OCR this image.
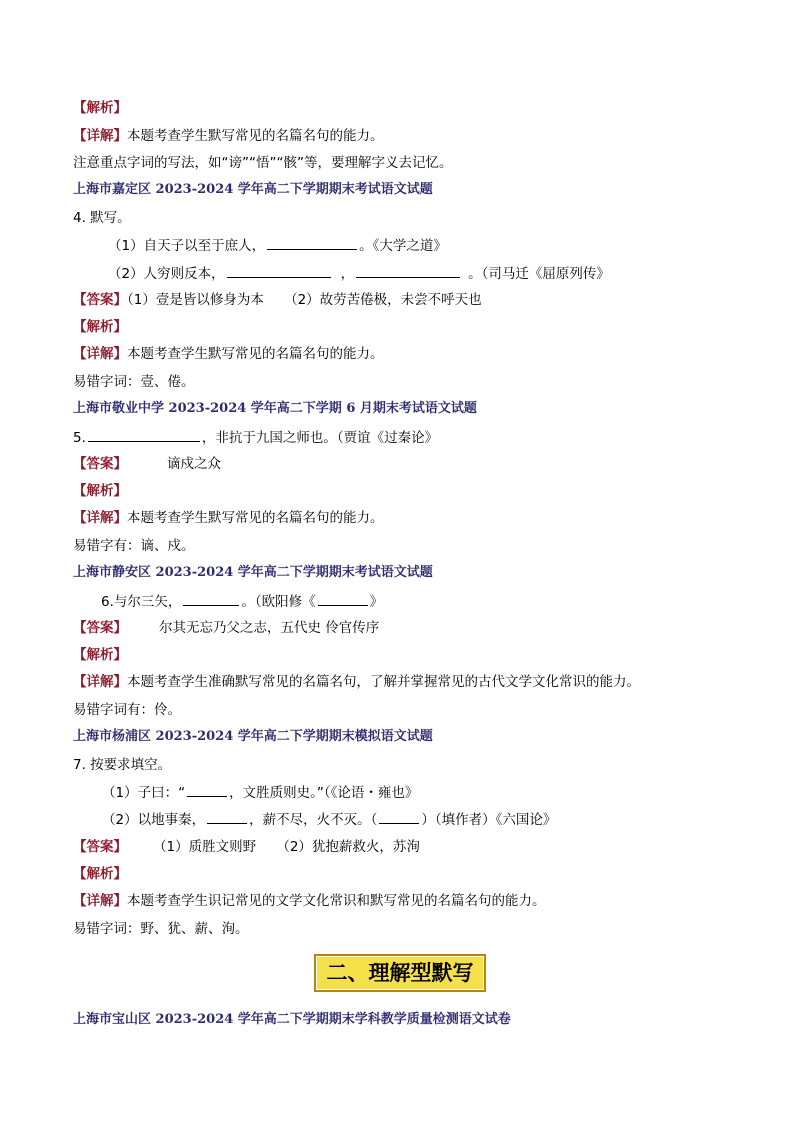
【解析】
【详解】本题考查学生默写常见的名篇名句的能力。
注意重点字词的写法，如“谤”“悟”“骸”等，要理解字义去记忆。
上海市嘉定区 2023-2024 学年高二下学期期末考试语文试题
4. 默写。
（1）自天子以至于庶人，	。《大学之道》
（2）人穷则反本，	，	。（司马迁《屈原列传》
【答案】（1）壹是皆以修身为本　　（2）故劳苦倦极，未尝不呼天也
【解析】
【详解】本题考查学生默写常见的名篇名句的能力。
易错字词：壹、倦。
上海市敬业中学 2023-2024 学年高二下学期 6 月期末考试语文试题
5.	，非抗于九国之师也。（贾谊《过秦论》
【答案】	谪戍之众
【解析】
【详解】本题考查学生默写常见的名篇名句的能力。
易错字有：谪、戍。
上海市静安区 2023-2024 学年高二下学期期末考试语文试题
6.与尔三矢，	。（欧阳修《	》
【答案】 尔其无忘乃父之志，五代史 伶官传序
【解析】
【详解】本题考查学生准确默写常见的名篇名句，了解并掌握常见的古代文学文化常识的能力。
易错字词有：伶。
上海市杨浦区 2023-2024 学年高二下学期期末模拟语文试题
7. 按要求填空。
（1）子曰：“	，文胜质则史。”（《论语・雍也》
（2）以地事秦，	，薪不尽，火不灭。（	）（填作者）《六国论》
【答案】 （1）质胜文则野　　（2）犹抱薪救火，苏洵
【解析】
【详解】本题考查学生识记常见的文学文化常识和默写常见的名篇名句的能力。
易错字词：野、犹、薪、洵。
二、理解型默写
上海市宝山区 2023-2024 学年高二下学期期末学科教学质量检测语文试卷
